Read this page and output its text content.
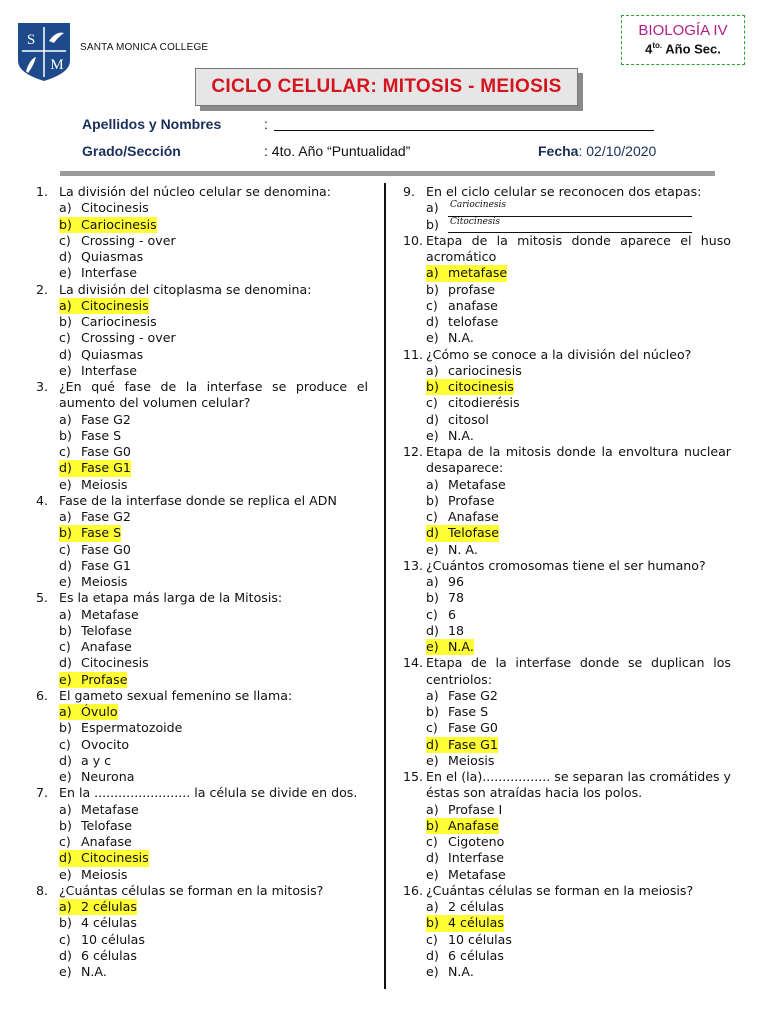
S
M
SANTA MONICA COLLEGE
BIOLOGÍA IV
$4^{to.}$ Año Sec.
CICLO CELULAR: MITOSIS - MEIOSIS
Apellidos y Nombres	:
Grado/Sección	: 4to. Año “Puntualidad”	Fecha: 02/10/2020
1. La división del núcleo celular se denomina:
a) Citocinesis
b) Cariocinesis
c) Crossing - over
d) Quiasmas
e) Interfase
2. La división del citoplasma se denomina:
a) Citocinesis
b) Cariocinesis
c) Crossing - over
d) Quiasmas
e) Interfase
3. ¿En qué fase de la interfase se produce el aumento del volumen celular?
a) Fase G2
b) Fase S
c) Fase G0
d) Fase G1
e) Meiosis
4. Fase de la interfase donde se replica el ADN
a) Fase G2
b) Fase S
c) Fase G0
d) Fase G1
e) Meiosis
5. Es la etapa más larga de la Mitosis:
a) Metafase
b) Telofase
c) Anafase
d) Citocinesis
e) Profase
6. El gameto sexual femenino se llama:
a) Óvulo
b) Espermatozoide
c) Ovocito
d) a y c
e) Neurona
7. En la ........................ la célula se divide en dos.
a) Metafase
b) Telofase
c) Anafase
d) Citocinesis
e) Meiosis
8. ¿Cuántas células se forman en la mitosis?
a) 2 células
b) 4 células
c) 10 células
d) 6 células
e) N.A.
9. En el ciclo celular se reconocen dos etapas:
a)	Cariocinesis
b)	Citocinesis
10. Etapa de la mitosis donde aparece el huso acromático
a) metafase
b) profase
c) anafase
d) telofase
e) N.A.
11. ¿Cómo se conoce a la división del núcleo?
a) cariocinesis
b) citocinesis
c) citodierésis
d) citosol
e) N.A.
12. Etapa de la mitosis donde la envoltura nuclear desaparece:
a) Metafase
b) Profase
c) Anafase
d) Telofase
e) N. A.
13. ¿Cuántos cromosomas tiene el ser humano?
a) 96
b) 78
c) 6
d) 18
e) N.A.
14. Etapa de la interfase donde se duplican los centriolos:
a) Fase G2
b) Fase S
c) Fase G0
d) Fase G1
e) Meiosis
15. En el (la)................. se separan las cromátides y éstas son atraídas hacia los polos.
a) Profase I
b) Anafase
c) Cigoteno
d) Interfase
e) Metafase
16. ¿Cuántas células se forman en la meiosis?
a) 2 células
b) 4 células
c) 10 células
d) 6 células
e) N.A.
